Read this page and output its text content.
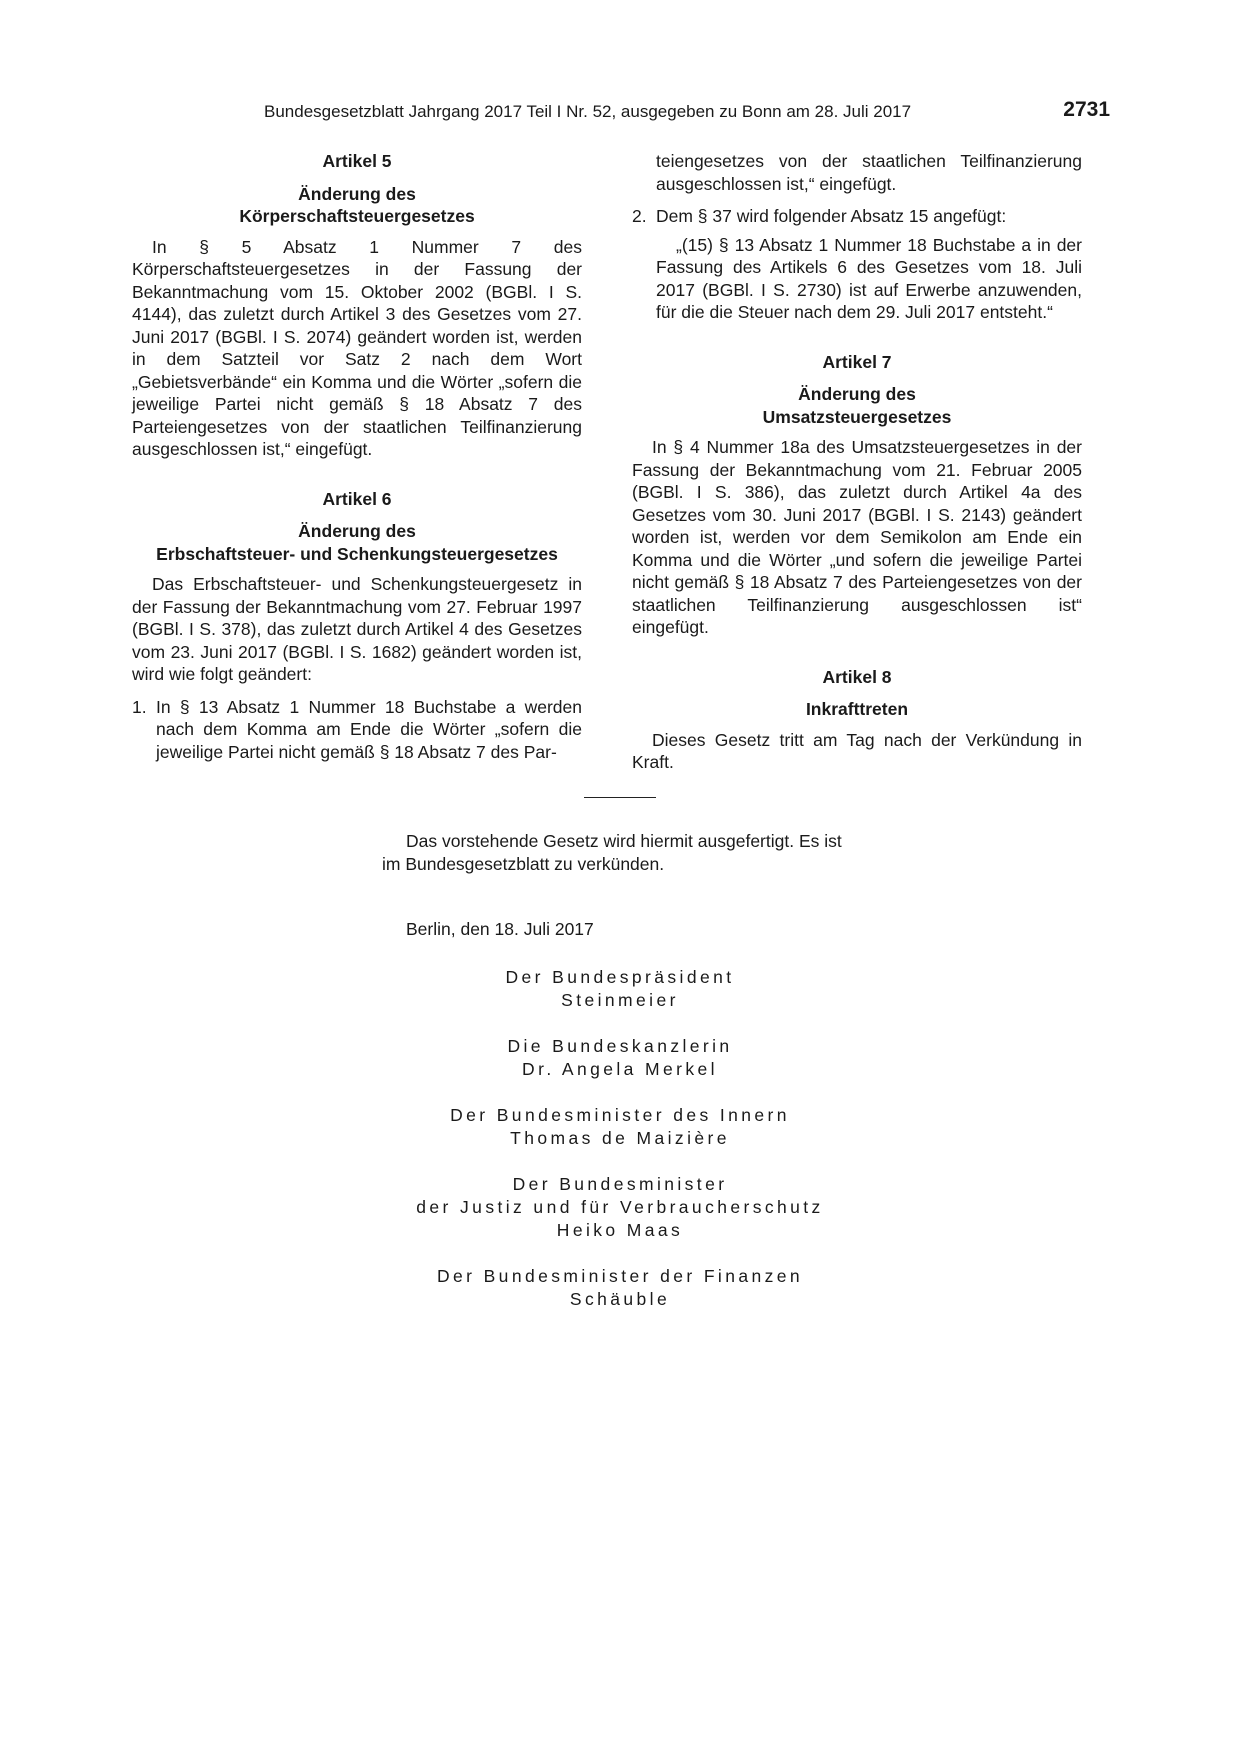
Bundesgesetzblatt Jahrgang 2017 Teil I Nr. 52, ausgegeben zu Bonn am 28. Juli 2017	2731
Artikel 5
Änderung des
Körperschaftsteuergesetzes

In § 5 Absatz 1 Nummer 7 des Körperschaftsteuergesetzes in der Fassung der Bekanntmachung vom 15. Oktober 2002 (BGBl. I S. 4144), das zuletzt durch Artikel 3 des Gesetzes vom 27. Juni 2017 (BGBl. I S. 2074) geändert worden ist, werden in dem Satzteil vor Satz 2 nach dem Wort „Gebietsverbände“ ein Komma und die Wörter „sofern die jeweilige Partei nicht gemäß § 18 Absatz 7 des Parteiengesetzes von der staatlichen Teilfinanzierung ausgeschlossen ist,“ eingefügt.

Artikel 6
Änderung des
Erbschaftsteuer- und Schenkungsteuergesetzes

Das Erbschaftsteuer- und Schenkungsteuergesetz in der Fassung der Bekanntmachung vom 27. Februar 1997 (BGBl. I S. 378), das zuletzt durch Artikel 4 des Gesetzes vom 23. Juni 2017 (BGBl. I S. 1682) geändert worden ist, wird wie folgt geändert:

1. In § 13 Absatz 1 Nummer 18 Buchstabe a werden nach dem Komma am Ende die Wörter „sofern die jeweilige Partei nicht gemäß § 18 Absatz 7 des Par-
teiengesetzes von der staatlichen Teilfinanzierung ausgeschlossen ist,“ eingefügt.
2. Dem § 37 wird folgender Absatz 15 angefügt:
„(15) § 13 Absatz 1 Nummer 18 Buchstabe a in der Fassung des Artikels 6 des Gesetzes vom 18. Juli 2017 (BGBl. I S. 2730) ist auf Erwerbe anzuwenden, für die die Steuer nach dem 29. Juli 2017 entsteht.“
Artikel 7
Änderung des
Umsatzsteuergesetzes

In § 4 Nummer 18a des Umsatzsteuergesetzes in der Fassung der Bekanntmachung vom 21. Februar 2005 (BGBl. I S. 386), das zuletzt durch Artikel 4a des Gesetzes vom 30. Juni 2017 (BGBl. I S. 2143) geändert worden ist, werden vor dem Semikolon am Ende ein Komma und die Wörter „und sofern die jeweilige Partei nicht gemäß § 18 Absatz 7 des Parteiengesetzes von der staatlichen Teilfinanzierung ausgeschlossen ist“ eingefügt.

Artikel 8
Inkrafttreten

Dieses Gesetz tritt am Tag nach der Verkündung in Kraft.

Das vorstehende Gesetz wird hiermit ausgefertigt. Es ist im Bundesgesetzblatt zu verkünden.

Berlin, den 18. Juli 2017
Der Bundespräsident
Steinmeier
Die Bundeskanzlerin
Dr. Angela Merkel
Der Bundesminister des Innern
Thomas de Maizière
Der Bundesminister
der Justiz und für Verbraucherschutz
Heiko Maas
Der Bundesminister der Finanzen
Schäuble
